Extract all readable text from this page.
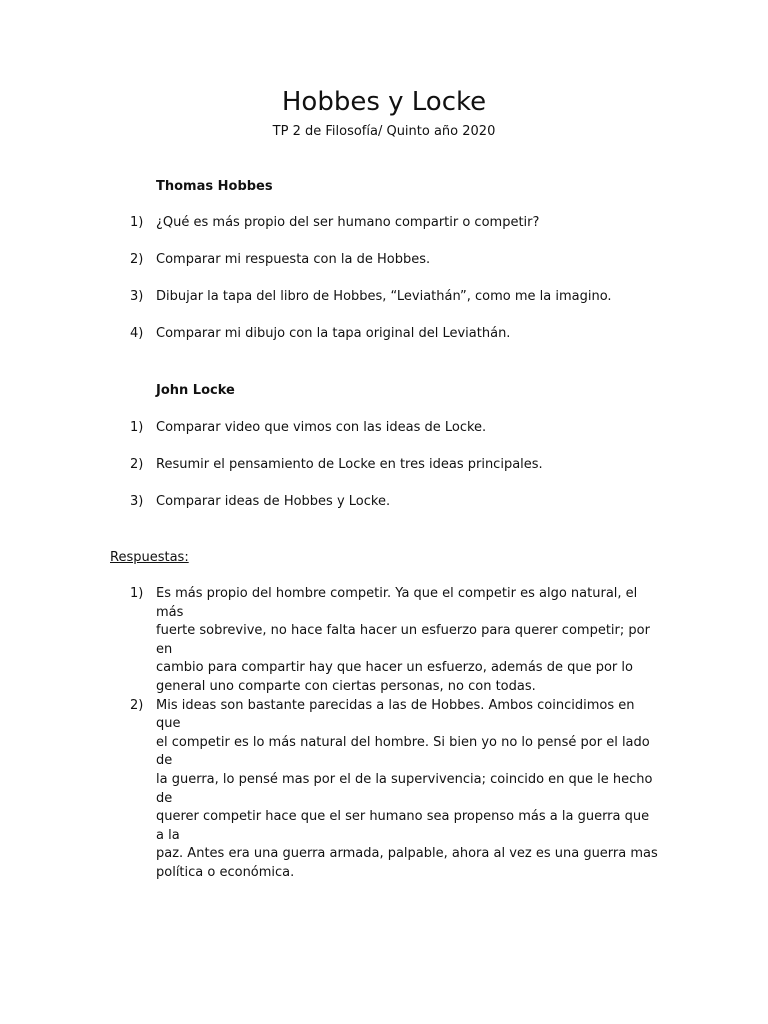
Hobbes y Locke
TP 2 de Filosofía/ Quinto año 2020
Thomas Hobbes
1) ¿Qué es más propio del ser humano compartir o competir?
2) Comparar mi respuesta con la de Hobbes.
3) Dibujar la tapa del libro de Hobbes, “Leviathán”, como me la imagino.
4) Comparar mi dibujo con la tapa original del Leviathán.
John Locke
1) Comparar video que vimos con las ideas de Locke.
2) Resumir el pensamiento de Locke en tres ideas principales.
3) Comparar ideas de Hobbes y Locke.
Respuestas:
1) Es más propio del hombre competir. Ya que el competir es algo natural, el más
fuerte sobrevive, no hace falta hacer un esfuerzo para querer competir; por en
cambio para compartir hay que hacer un esfuerzo, además de que por lo
general uno comparte con ciertas personas, no con todas.
2) Mis ideas son bastante parecidas a las de Hobbes. Ambos coincidimos en que
el competir es lo más natural del hombre. Si bien yo no lo pensé por el lado de
la guerra, lo pensé mas por el de la supervivencia; coincido en que le hecho de
querer competir hace que el ser humano sea propenso más a la guerra que a la
paz. Antes era una guerra armada, palpable, ahora al vez es una guerra mas
política o económica.
